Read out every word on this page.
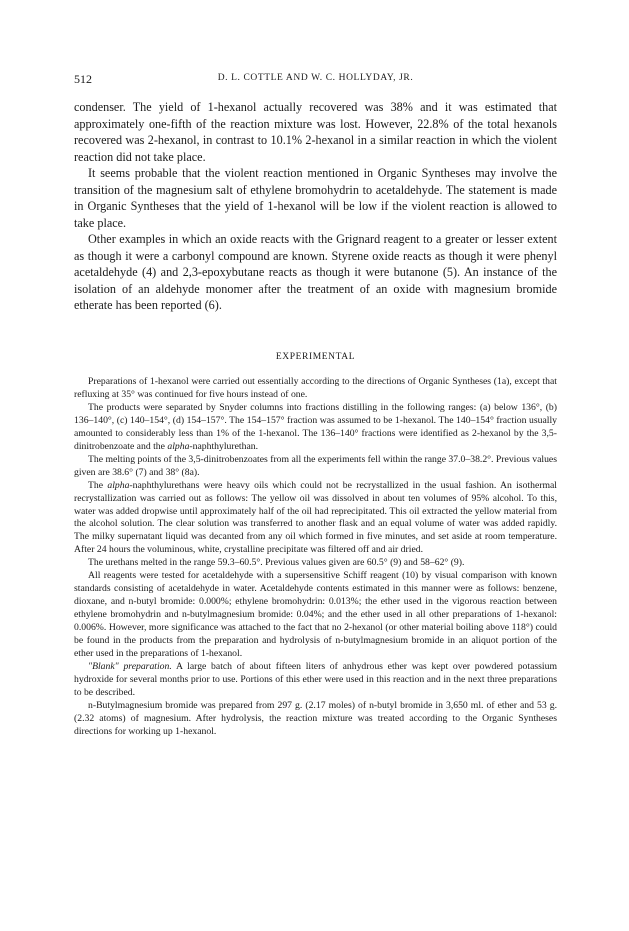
512	D. L. COTTLE AND W. C. HOLLYDAY, JR.

condenser. The yield of 1-hexanol actually recovered was 38% and it was estimated that approximately one-fifth of the reaction mixture was lost. However, 22.8% of the total hexanols recovered was 2-hexanol, in contrast to 10.1% 2-hexanol in a similar reaction in which the violent reaction did not take place.

It seems probable that the violent reaction mentioned in Organic Syntheses may involve the transition of the magnesium salt of ethylene bromohydrin to acetaldehyde. The statement is made in Organic Syntheses that the yield of 1-hexanol will be low if the violent reaction is allowed to take place.

Other examples in which an oxide reacts with the Grignard reagent to a greater or lesser extent as though it were a carbonyl compound are known. Styrene oxide reacts as though it were phenyl acetaldehyde (4) and 2,3-epoxybutane reacts as though it were butanone (5). An instance of the isolation of an aldehyde monomer after the treatment of an oxide with magnesium bromide etherate has been reported (6).

EXPERIMENTAL

Preparations of 1-hexanol were carried out essentially according to the directions of Organic Syntheses (1a), except that refluxing at 35° was continued for five hours instead of one.

The products were separated by Snyder columns into fractions distilling in the following ranges: (a) below 136°, (b) 136–140°, (c) 140–154°, (d) 154–157°. The 154–157° fraction was assumed to be 1-hexanol. The 140–154° fraction usually amounted to considerably less than 1% of the 1-hexanol. The 136–140° fractions were identified as 2-hexanol by the 3,5-dinitrobenzoate and the alpha-naphthylurethan.

The melting points of the 3,5-dinitrobenzoates from all the experiments fell within the range 37.0–38.2°. Previous values given are 38.6° (7) and 38° (8a).

The alpha-naphthylurethans were heavy oils which could not be recrystallized in the usual fashion. An isothermal recrystallization was carried out as follows: The yellow oil was dissolved in about ten volumes of 95% alcohol. To this, water was added dropwise until approximately half of the oil had reprecipitated. This oil extracted the yellow material from the alcohol solution. The clear solution was transferred to another flask and an equal volume of water was added rapidly. The milky supernatant liquid was decanted from any oil which formed in five minutes, and set aside at room temperature. After 24 hours the voluminous, white, crystalline precipitate was filtered off and air dried.

The urethans melted in the range 59.3–60.5°. Previous values given are 60.5° (9) and 58–62° (9).

All reagents were tested for acetaldehyde with a supersensitive Schiff reagent (10) by visual comparison with known standards consisting of acetaldehyde in water. Acetaldehyde contents estimated in this manner were as follows: benzene, dioxane, and n-butyl bromide: 0.000%; ethylene bromohydrin: 0.013%; the ether used in the vigorous reaction between ethylene bromohydrin and n-butylmagnesium bromide: 0.04%; and the ether used in all other preparations of 1-hexanol: 0.006%. However, more significance was attached to the fact that no 2-hexanol (or other material boiling above 118°) could be found in the products from the preparation and hydrolysis of n-butylmagnesium bromide in an aliquot portion of the ether used in the preparations of 1-hexanol.

"Blank" preparation. A large batch of about fifteen liters of anhydrous ether was kept over powdered potassium hydroxide for several months prior to use. Portions of this ether were used in this reaction and in the next three preparations to be described.

n-Butylmagnesium bromide was prepared from 297 g. (2.17 moles) of n-butyl bromide in 3,650 ml. of ether and 53 g. (2.32 atoms) of magnesium. After hydrolysis, the reaction mixture was treated according to the Organic Syntheses directions for working up 1-hexanol.
